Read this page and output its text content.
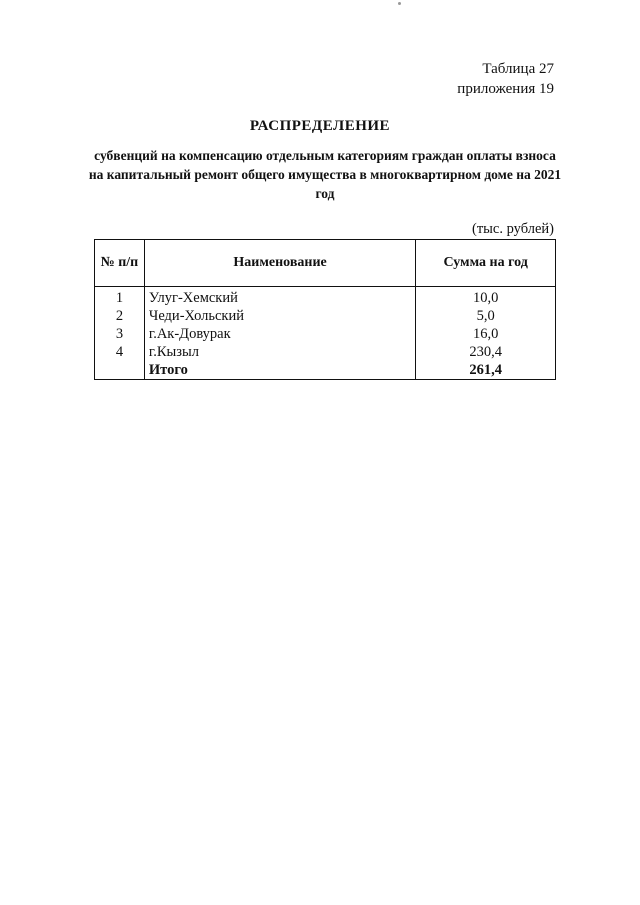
Таблица 27
приложения 19
РАСПРЕДЕЛЕНИЕ
субвенций на компенсацию отдельным категориям граждан оплаты взноса
на капитальный ремонт общего имущества в многоквартирном доме на 2021
год
(тыс. рублей)
№ п/п	Наименование	Сумма на год
1	Улуг-Хемский	10,0
2	Чеди-Хольский	5,0
3	г.Ак-Довурак	16,0
4	г.Кызыл	230,4
	Итого	261,4
